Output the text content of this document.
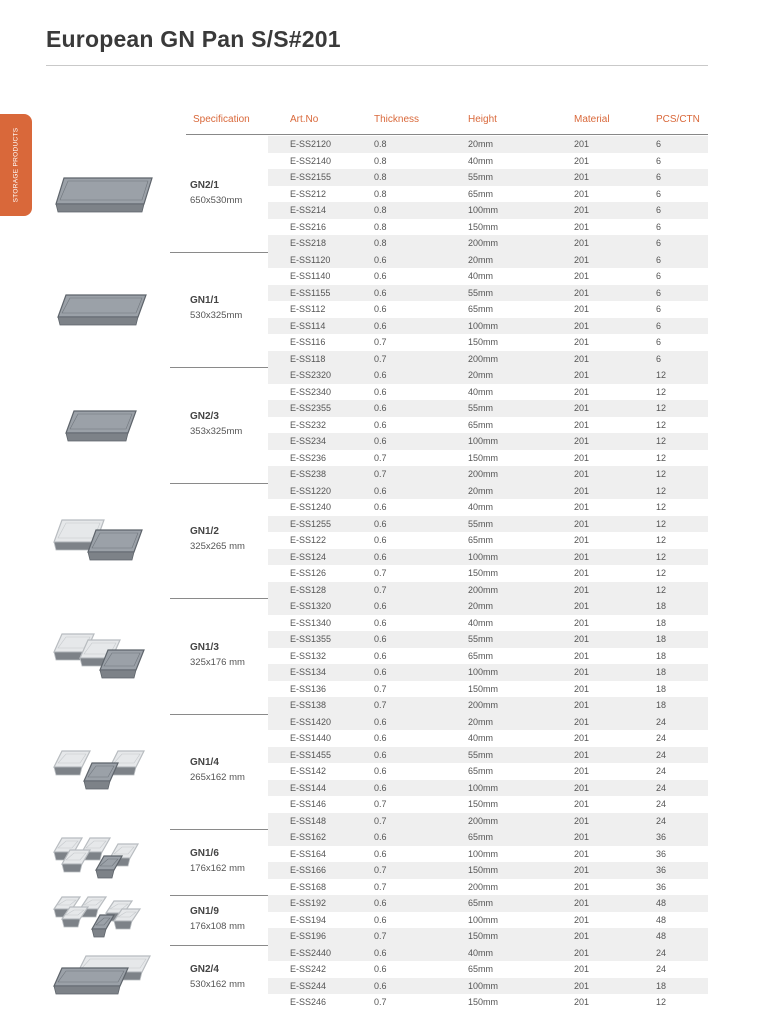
European GN Pan S/S#201
STORAGE PRODUCTS
Specification	Art.No	Thickness	Height	Material	PCS/CTN
GN2/1
650x530mm
E-SS2120	0.8	20mm	201	6
E-SS2140	0.8	40mm	201	6
E-SS2155	0.8	55mm	201	6
E-SS212	0.8	65mm	201	6
E-SS214	0.8	100mm	201	6
E-SS216	0.8	150mm	201	6
E-SS218	0.8	200mm	201	6
GN1/1
530x325mm
E-SS1120	0.6	20mm	201	6
E-SS1140	0.6	40mm	201	6
E-SS1155	0.6	55mm	201	6
E-SS112	0.6	65mm	201	6
E-SS114	0.6	100mm	201	6
E-SS116	0.7	150mm	201	6
E-SS118	0.7	200mm	201	6
GN2/3
353x325mm
E-SS2320	0.6	20mm	201	12
E-SS2340	0.6	40mm	201	12
E-SS2355	0.6	55mm	201	12
E-SS232	0.6	65mm	201	12
E-SS234	0.6	100mm	201	12
E-SS236	0.7	150mm	201	12
E-SS238	0.7	200mm	201	12
GN1/2
325x265 mm
E-SS1220	0.6	20mm	201	12
E-SS1240	0.6	40mm	201	12
E-SS1255	0.6	55mm	201	12
E-SS122	0.6	65mm	201	12
E-SS124	0.6	100mm	201	12
E-SS126	0.7	150mm	201	12
E-SS128	0.7	200mm	201	12
GN1/3
325x176 mm
E-SS1320	0.6	20mm	201	18
E-SS1340	0.6	40mm	201	18
E-SS1355	0.6	55mm	201	18
E-SS132	0.6	65mm	201	18
E-SS134	0.6	100mm	201	18
E-SS136	0.7	150mm	201	18
E-SS138	0.7	200mm	201	18
GN1/4
265x162 mm
E-SS1420	0.6	20mm	201	24
E-SS1440	0.6	40mm	201	24
E-SS1455	0.6	55mm	201	24
E-SS142	0.6	65mm	201	24
E-SS144	0.6	100mm	201	24
E-SS146	0.7	150mm	201	24
E-SS148	0.7	200mm	201	24
GN1/6
176x162 mm
E-SS162	0.6	65mm	201	36
E-SS164	0.6	100mm	201	36
E-SS166	0.7	150mm	201	36
E-SS168	0.7	200mm	201	36
GN1/9
176x108 mm
E-SS192	0.6	65mm	201	48
E-SS194	0.6	100mm	201	48
E-SS196	0.7	150mm	201	48
GN2/4
530x162 mm
E-SS2440	0.6	40mm	201	24
E-SS242	0.6	65mm	201	24
E-SS244	0.6	100mm	201	18
E-SS246	0.7	150mm	201	12
